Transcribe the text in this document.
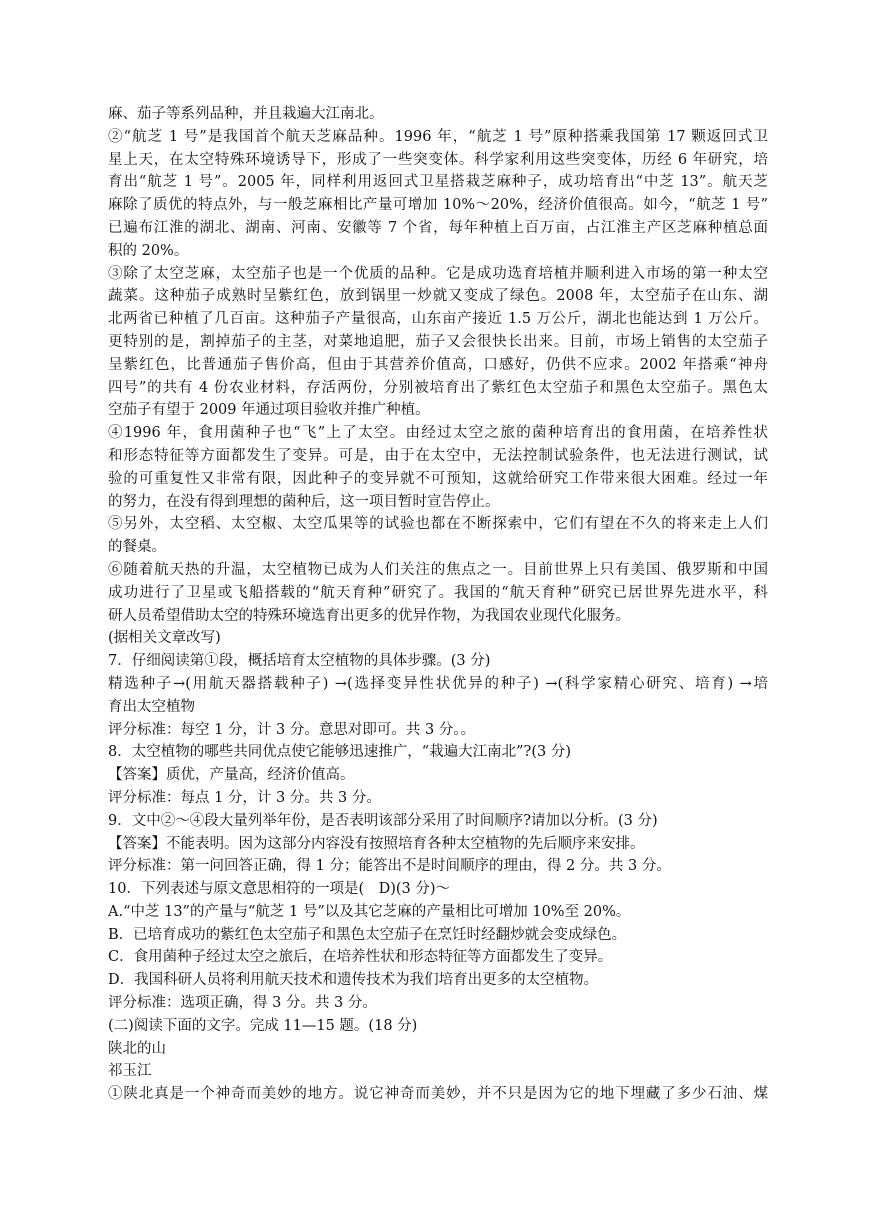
麻、茄子等系列品种，并且栽遍大江南北。
②“航芝 1 号”是我国首个航天芝麻品种。1996 年，“航芝 1 号”原种搭乘我国第 17 颗返回式卫
星上天，在太空特殊环境诱导下，形成了一些突变体。科学家利用这些突变体，历经 6 年研究，培
育出“航芝 1 号”。2005 年，同样利用返回式卫星搭栽芝麻种子，成功培育出“中芝 13”。航天芝
麻除了质优的特点外，与一般芝麻相比产量可增加 10%～20%，经济价值很高。如今，“航芝 1 号”
已遍布江淮的湖北、湖南、河南、安徽等 7 个省，每年种植上百万亩，占江淮主产区芝麻种植总面
积的 20%。
③除了太空芝麻，太空茄子也是一个优质的品种。它是成功选育培植并顺利进入市场的第一种太空
蔬菜。这种茄子成熟时呈紫红色，放到锅里一炒就又变成了绿色。2008 年，太空茄子在山东、湖
北两省已种植了几百亩。这种茄子产量很高，山东亩产接近 1.5 万公斤，湖北也能达到 1 万公斤。
更特别的是，割掉茄子的主茎，对菜地追肥，茄子又会很快长出来。目前，市场上销售的太空茄子
呈紫红色，比普通茄子售价高，但由于其营养价值高，口感好，仍供不应求。2002 年搭乘“神舟
四号”的共有 4 份农业材料，存活两份，分别被培育出了紫红色太空茄子和黑色太空茄子。黑色太
空茄子有望于 2009 年通过项目验收并推广种植。
④1996 年，食用菌种子也“飞”上了太空。由经过太空之旅的菌种培育出的食用菌，在培养性状
和形态特征等方面都发生了变异。可是，由于在太空中，无法控制试验条件，也无法进行测试，试
验的可重复性又非常有限，因此种子的变异就不可预知，这就给研究工作带来很大困难。经过一年
的努力，在没有得到理想的菌种后，这一项目暂时宣告停止。
⑤另外，太空稻、太空椒、太空瓜果等的试验也都在不断探索中，它们有望在不久的将来走上人们
的餐桌。
⑥随着航天热的升温，太空植物已成为人们关注的焦点之一。目前世界上只有美国、俄罗斯和中国
成功进行了卫星或飞船搭载的“航天育种”研究了。我国的“航天育种”研究已居世界先进水平，科
研人员希望借助太空的特殊环境选育出更多的优异作物，为我国农业现代化服务。
(据相关文章改写)
7．仔细阅读第①段，概括培育太空植物的具体步骤。(3 分)
精选种子→(用航天器搭载种子) →(选择变异性状优异的种子) →(科学家精心研究、培育) →培
育出太空植物
评分标准：每空 1 分，计 3 分。意思对即可。共 3 分。。
8．太空植物的哪些共同优点使它能够迅速推广，“栽遍大江南北”?(3 分)
【答案】质优，产量高，经济价值高。
评分标准：每点 1 分，计 3 分。共 3 分。
9．文中②～④段大量列举年份，是否表明该部分采用了时间顺序?请加以分析。(3 分)
【答案】不能表明。因为这部分内容没有按照培育各种太空植物的先后顺序来安排。
评分标准：第一问回答正确，得 1 分；能答出不是时间顺序的理由，得 2 分。共 3 分。
10．下列表述与原文意思相符的一项是(　D)(3 分)～
A.“中芝 13”的产量与“航芝 1 号”以及其它芝麻的产量相比可增加 10%至 20%。
B．已培育成功的紫红色太空茄子和黑色太空茄子在烹饪时经翻炒就会变成绿色。
C．食用菌种子经过太空之旅后，在培养性状和形态特征等方面都发生了变异。
D．我国科研人员将利用航天技术和遗传技术为我们培育出更多的太空植物。
评分标准：选项正确，得 3 分。共 3 分。
(二)阅读下面的文字。完成 11—15 题。(18 分)
陕北的山
祁玉江
①陕北真是一个神奇而美妙的地方。说它神奇而美妙，并不只是因为它的地下埋藏了多少石油、煤
